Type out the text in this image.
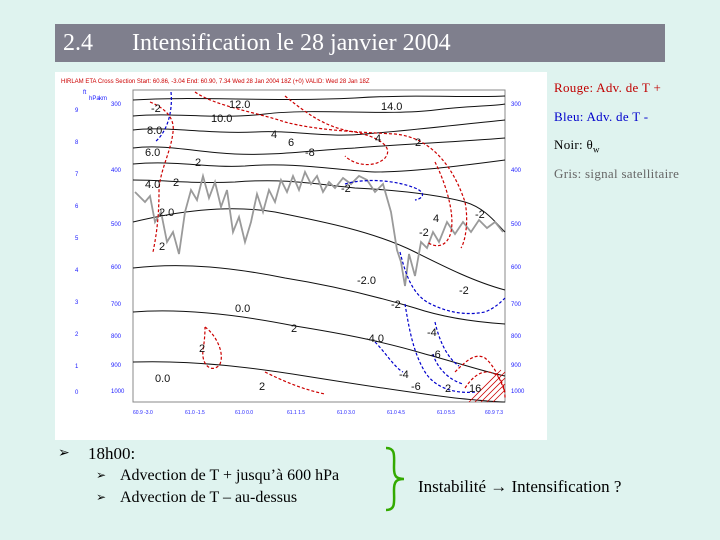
2.4 Intensification le 28 janvier 2004
HIRLAM ETA Cross Section Start: 60.86, -3.04 End: 60.90, 7.34 Wed 28 Jan 2004 18Z (+0) VALID: Wed 28 Jan 18Z
ft
hPa km
9
8
7
6
5
4
3
2
1
0
300
400
500
600
700
800
900
1000
300
400
500
600
700
800
900
1000
-2	12.0
10.0
14.0
8.0	4
6	4	2
6.0
2
-8
4.0 2	-2
2.0	4	-2
-2
2
-2.0
-2
0.0	-2
2
-4.0	-4
2	-6
0.0
2
-4
-6 2 16
60.9 -3.0	61.0 -1.5	61.0 0.0	61.1 1.5	61.0 3.0	61.0 4.5	61.0 5.5	60.9 7.3
Rouge: Adv. de T +
Bleu: Adv. de T -
Noir: $\theta_w$
Gris: signal satellitaire
➢ 18h00:
➢ Advection de T + jusqu’à 600 hPa
➢ Advection de T – au-dessus
Instabilité → Intensification ?
